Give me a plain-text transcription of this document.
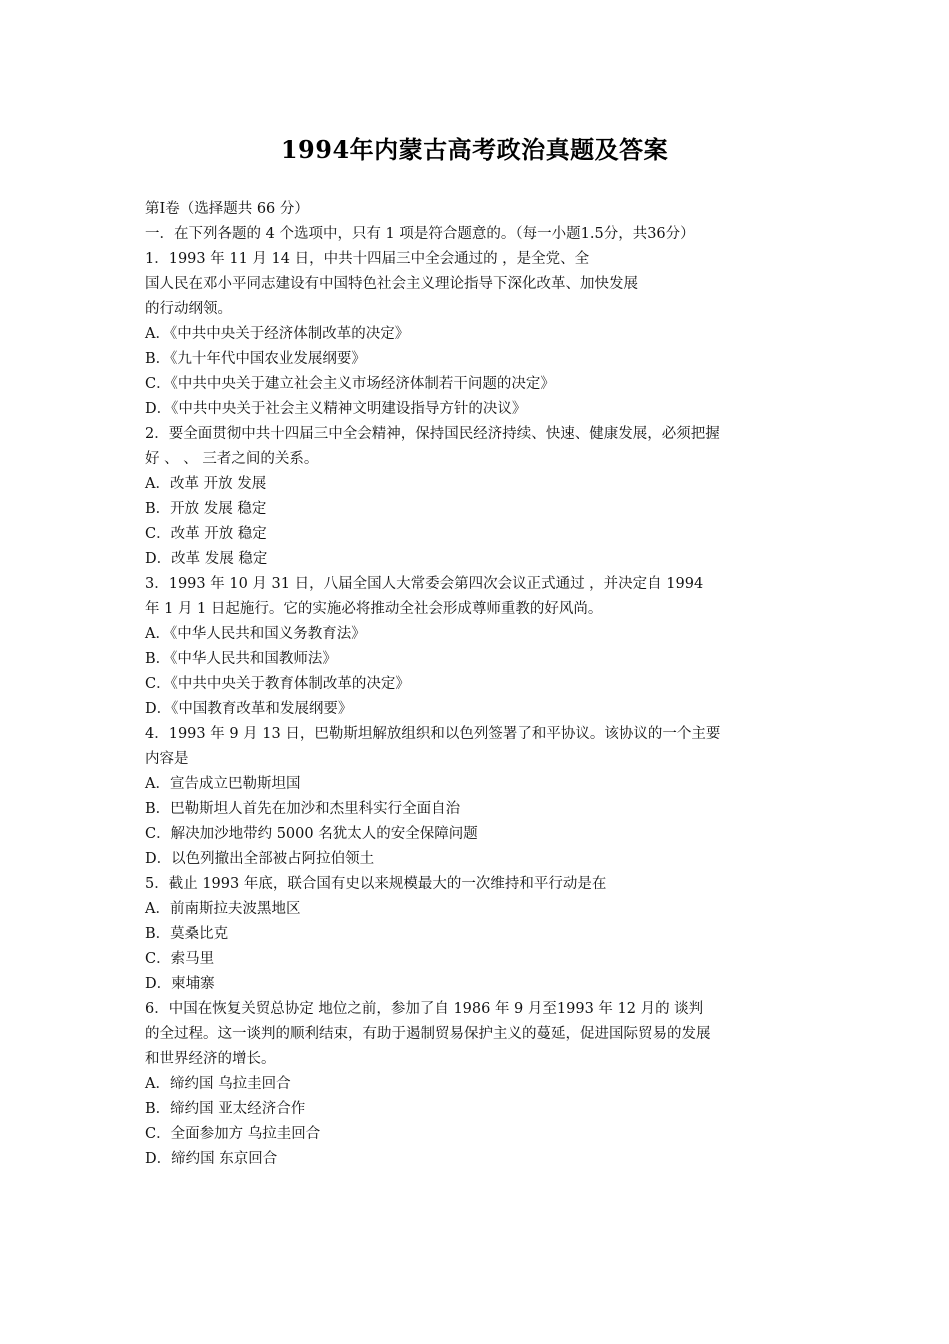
1994年内蒙古高考政治真题及答案
第Ⅰ卷（选择题共 66 分）
一．在下列各题的 4 个选项中，只有 1 项是符合题意的。（每一小题1.5分，共36分）
1．1993 年 11 月 14 日，中共十四届三中全会通过的 ，是全党、全
国人民在邓小平同志建设有中国特色社会主义理论指导下深化改革、加快发展
的行动纲领。
A．《中共中央关于经济体制改革的决定》
B．《九十年代中国农业发展纲要》
C．《中共中央关于建立社会主义市场经济体制若干问题的决定》
D．《中共中央关于社会主义精神文明建设指导方针的决议》
2．要全面贯彻中共十四届三中全会精神，保持国民经济持续、快速、健康发展，必须把握
好 、 、 三者之间的关系。
A．改革 开放 发展
B．开放 发展 稳定
C．改革 开放 稳定
D．改革 发展 稳定
3．1993 年 10 月 31 日，八届全国人大常委会第四次会议正式通过 ，并决定自 1994
年 1 月 1 日起施行。它的实施必将推动全社会形成尊师重教的好风尚。
A．《中华人民共和国义务教育法》
B．《中华人民共和国教师法》
C．《中共中央关于教育体制改革的决定》
D．《中国教育改革和发展纲要》
4．1993 年 9 月 13 日，巴勒斯坦解放组织和以色列签署了和平协议。该协议的一个主要
内容是
A．宣告成立巴勒斯坦国
B．巴勒斯坦人首先在加沙和杰里科实行全面自治
C．解决加沙地带约 5000 名犹太人的安全保障问题
D．以色列撤出全部被占阿拉伯领土
5．截止 1993 年底，联合国有史以来规模最大的一次维持和平行动是在
A．前南斯拉夫波黑地区
B．莫桑比克
C．索马里
D．柬埔寨
6．中国在恢复关贸总协定 地位之前，参加了自 1986 年 9 月至1993 年 12 月的 谈判
的全过程。这一谈判的顺利结束，有助于遏制贸易保护主义的蔓延，促进国际贸易的发展
和世界经济的增长。
A．缔约国 乌拉圭回合
B．缔约国 亚太经济合作
C．全面参加方 乌拉圭回合
D．缔约国 东京回合
